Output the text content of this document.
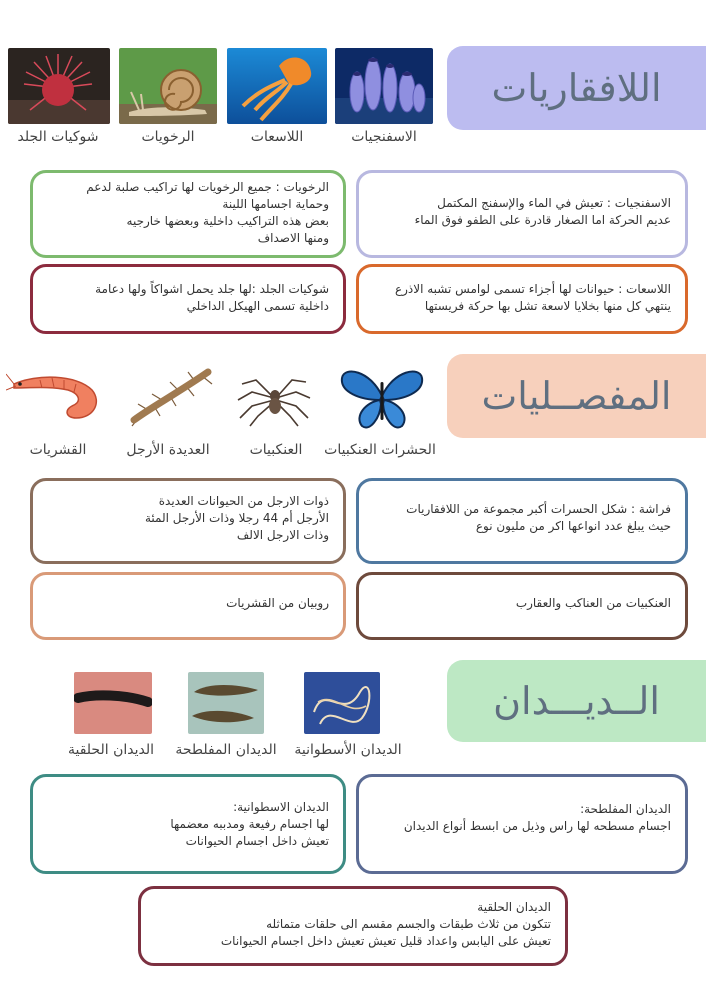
اللافقاريات
الاسفنجيات
اللاسعات
الرخويات
شوكيات الجلد
الاسفنجيات : تعيش في الماء والإسفنج المكتمل
عديم الحركة اما الصغار قادرة على الطفو فوق الماء
الرخويات : جميع الرخويات لها تراكيب صلبة لدعم
وحماية اجسامها اللينة
بعض هذه التراكيب داخلية وبعضها خارجيه
ومنها الاصداف
اللاسعات : حيوانات لها أجزاء تسمى لوامس تشبه الاذرع
ينتهي كل منها بخلايا لاسعة تشل بها حركة فريستها
شوكيات الجلد :لها جلد يحمل اشواكاً ولها دعامة
داخلية تسمى الهيكل الداخلي
المفصــليات
الحشرات العنكبيات
العنكبيات
العديدة الأرجل
القشريات
فراشة : شكل الحسرات أكبر مجموعة من اللافقاريات
حيث يبلغ عدد انواعها اكر من مليون نوع
ذوات الارجل من الحيوانات العديدة
الأرجل أم 44 رجلا وذات الأرجل المئة
وذات الارجل الالف
العنكبيات من العناكب والعقارب
روبيان من القشريات
الــديـــدان
الديدان الأسطوانية
الديدان المفلطحة
الديدان الحلقية
الديدان المفلطحة:
اجسام مسطحه لها راس وذيل من ابسط أنواع الديدان
الديدان الاسطوانية:
لها اجسام رفيعة ومدببه معضمها
تعيش داخل اجسام الحيوانات
الديدان الحلقية
تتكون من ثلاث طبقات والجسم مقسم الى حلقات متماثله
تعيش على اليابس واعداد قليل تعيش تعيش داخل اجسام الحيوانات
